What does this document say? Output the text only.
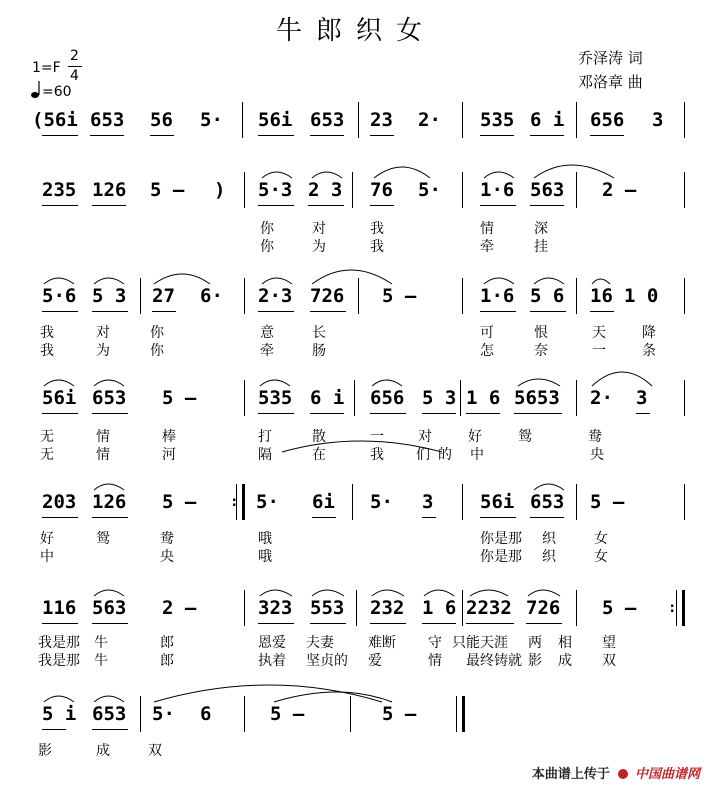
牛郎织女
乔泽涛 词
邓洛章 曲
1=F
2
4
=60
(56i 653 56 5· 56i 653 23 2· 535 6 i 656 3
235 126 5 – ) 5·3 2 3 76 5· 1·6 563 2 –
你	对	我	情	深
你	为	我	牵	挂
5·6 5 3 27 6· 2·3 726 5 –	1·6 5 6 16 1 0
我	对	你	意	长	可	恨	天	降
我	为	你	牵	肠	怎	奈	一	条
56i 653 5 –	535 6 i 656 5 3 1 6 5653 2· 3
无	情	棒	打	散	一 对	好	鸳	鸯
无	情	河	隔	在	我 们 的 中	央
203 126 5 – : 5· 6i 5· 3 56i 653 5 –
好	鸳	鸯	哦	你是那 织	女
中	央	哦	你是那 织	女
116 563 2 –	323 553 232 1 6 2232 726 5 – :
我是那 牛	郎	恩爱 夫妻 难断 守 只能天涯 两 相 望
我是那 牛	郎	执着 坚贞的 爱	情 最终铸就 影 成 双
5 i 653 5· 6	5 –	5 –
影	成	双
本曲谱上传于 中国曲谱网
